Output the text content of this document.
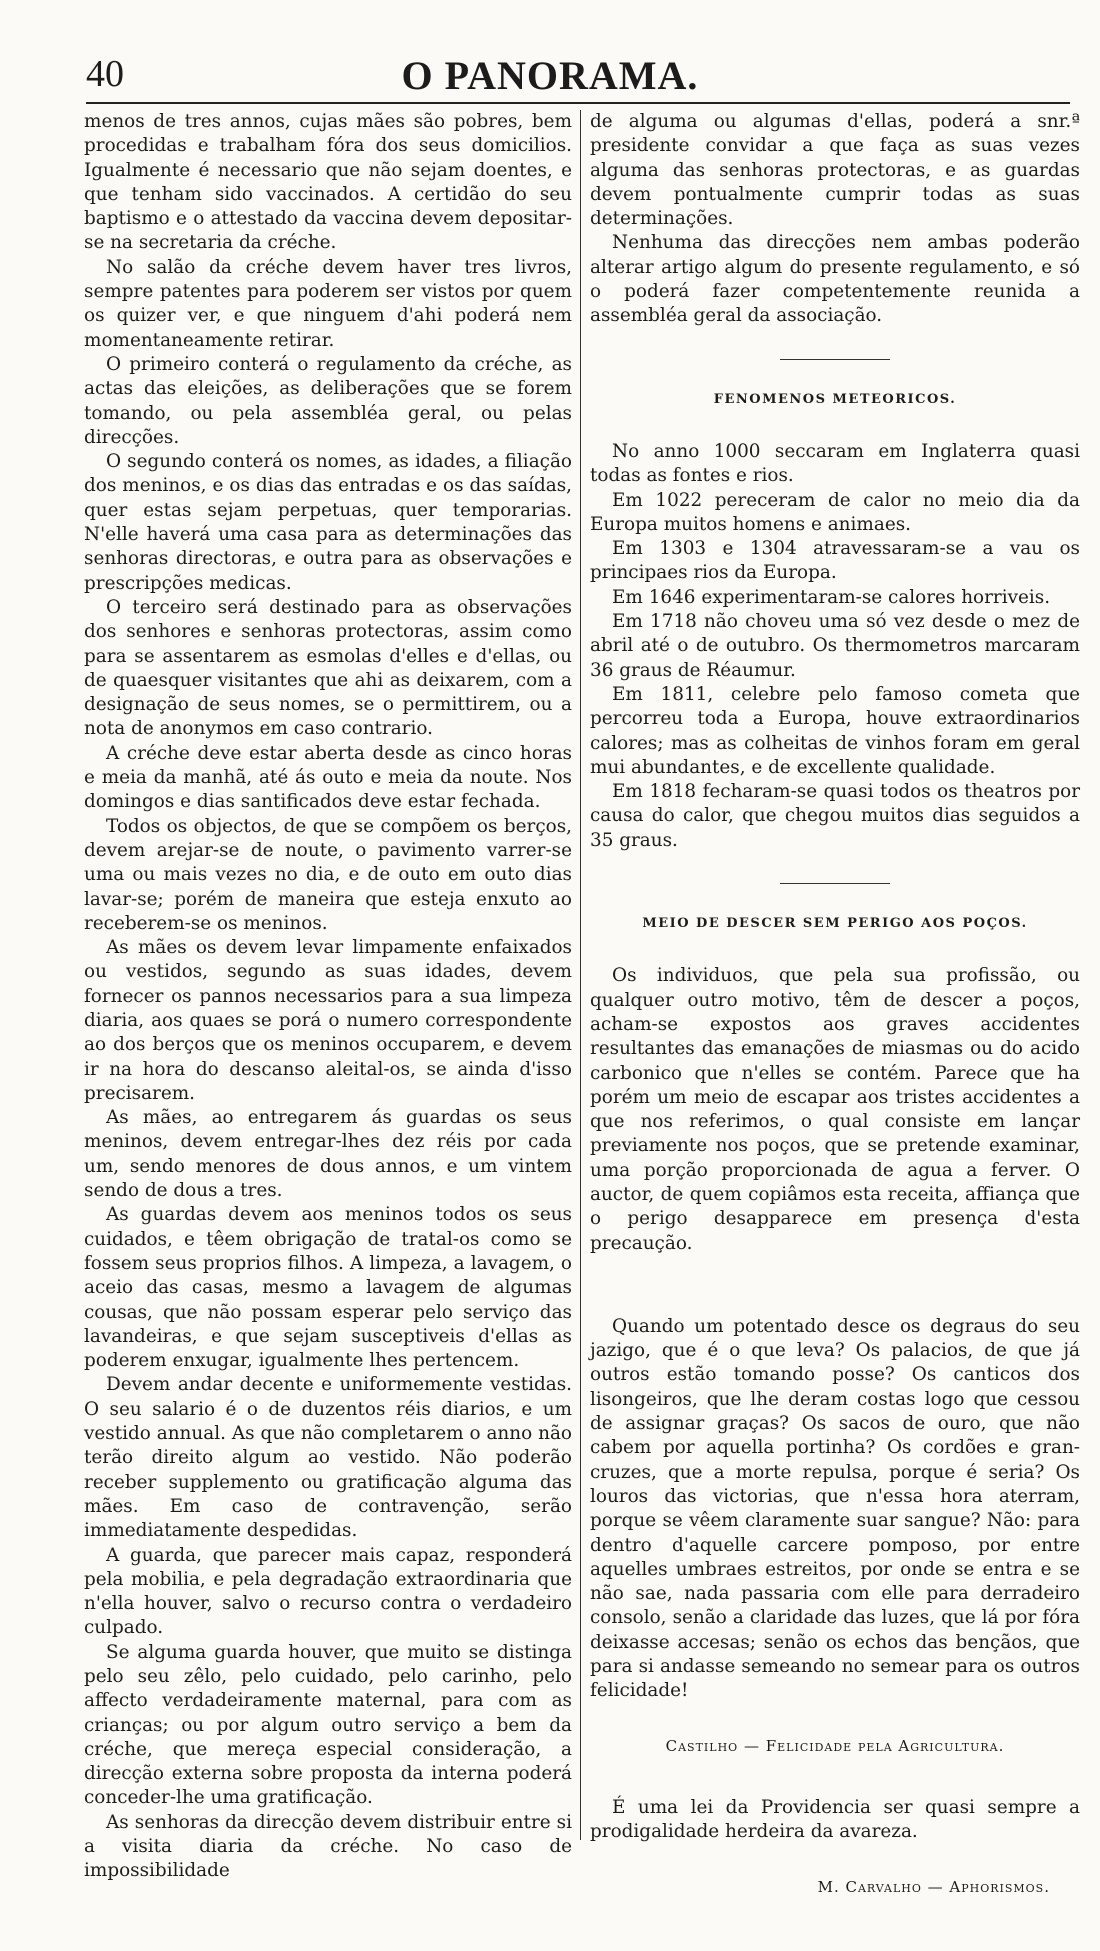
40	O PANORAMA.

menos de tres annos, cujas mães são pobres, bem procedidas e trabalham fóra dos seus domicilios. Igualmente é necessario que não sejam doentes, e que tenham sido vaccinados. A certidão do seu baptismo e o attestado da vaccina devem depositar-se na secretaria da créche.

No salão da créche devem haver tres livros, sempre patentes para poderem ser vistos por quem os quizer ver, e que ninguem d'ahi poderá nem momentaneamente retirar.

O primeiro conterá o regulamento da créche, as actas das eleições, as deliberações que se forem tomando, ou pela assembléa geral, ou pelas direcções.

O segundo conterá os nomes, as idades, a filiação dos meninos, e os dias das entradas e os das saídas, quer estas sejam perpetuas, quer temporarias. N'elle haverá uma casa para as determinações das senhoras directoras, e outra para as observações e prescripções medicas.

O terceiro será destinado para as observações dos senhores e senhoras protectoras, assim como para se assentarem as esmolas d'elles e d'ellas, ou de quaesquer visitantes que ahi as deixarem, com a designação de seus nomes, se o permittirem, ou a nota de anonymos em caso contrario.

A créche deve estar aberta desde as cinco horas e meia da manhã, até ás outo e meia da noute. Nos domingos e dias santificados deve estar fechada.

Todos os objectos, de que se compõem os berços, devem arejar-se de noute, o pavimento varrer-se uma ou mais vezes no dia, e de outo em outo dias lavar-se; porém de maneira que esteja enxuto ao receberem-se os meninos.

As mães os devem levar limpamente enfaixados ou vestidos, segundo as suas idades, devem fornecer os pannos necessarios para a sua limpeza diaria, aos quaes se porá o numero correspondente ao dos berços que os meninos occuparem, e devem ir na hora do descanso aleital-os, se ainda d'isso precisarem.

As mães, ao entregarem ás guardas os seus meninos, devem entregar-lhes dez réis por cada um, sendo menores de dous annos, e um vintem sendo de dous a tres.

As guardas devem aos meninos todos os seus cuidados, e têem obrigação de tratal-os como se fossem seus proprios filhos. A limpeza, a lavagem, o aceio das casas, mesmo a lavagem de algumas cousas, que não possam esperar pelo serviço das lavandeiras, e que sejam susceptiveis d'ellas as poderem enxugar, igualmente lhes pertencem.

Devem andar decente e uniformemente vestidas. O seu salario é o de duzentos réis diarios, e um vestido annual. As que não completarem o anno não terão direito algum ao vestido. Não poderão receber supplemento ou gratificação alguma das mães. Em caso de contravenção, serão immediatamente despedidas.

A guarda, que parecer mais capaz, responderá pela mobilia, e pela degradação extraordinaria que n'ella houver, salvo o recurso contra o verdadeiro culpado.

Se alguma guarda houver, que muito se distinga pelo seu zêlo, pelo cuidado, pelo carinho, pelo affecto verdadeiramente maternal, para com as crianças; ou por algum outro serviço a bem da créche, que mereça especial consideração, a direcção externa sobre proposta da interna poderá conceder-lhe uma gratificação.

As senhoras da direcção devem distribuir entre si a visita diaria da créche. No caso de impossibilidade

de alguma ou algumas d'ellas, poderá a snr.ª presidente convidar a que faça as suas vezes alguma das senhoras protectoras, e as guardas devem pontualmente cumprir todas as suas determinações.

Nenhuma das direcções nem ambas poderão alterar artigo algum do presente regulamento, e só o poderá fazer competentemente reunida a assembléa geral da associação.

FENOMENOS METEORICOS.

No anno 1000 seccaram em Inglaterra quasi todas as fontes e rios.

Em 1022 pereceram de calor no meio dia da Europa muitos homens e animaes.

Em 1303 e 1304 atravessaram-se a vau os principaes rios da Europa.

Em 1646 experimentaram-se calores horriveis.

Em 1718 não choveu uma só vez desde o mez de abril até o de outubro. Os thermometros marcaram 36 graus de Réaumur.

Em 1811, celebre pelo famoso cometa que percorreu toda a Europa, houve extraordinarios calores; mas as colheitas de vinhos foram em geral mui abundantes, e de excellente qualidade.

Em 1818 fecharam-se quasi todos os theatros por causa do calor, que chegou muitos dias seguidos a 35 graus.

MEIO DE DESCER SEM PERIGO AOS POÇOS.

Os individuos, que pela sua profissão, ou qualquer outro motivo, têm de descer a poços, acham-se expostos aos graves accidentes resultantes das emanações de miasmas ou do acido carbonico que n'elles se contém. Parece que ha porém um meio de escapar aos tristes accidentes a que nos referimos, o qual consiste em lançar previamente nos poços, que se pretende examinar, uma porção proporcionada de agua a ferver. O auctor, de quem copiâmos esta receita, affiança que o perigo desapparece em presença d'esta precaução.

Quando um potentado desce os degraus do seu jazigo, que é o que leva? Os palacios, de que já outros estão tomando posse? Os canticos dos lisongeiros, que lhe deram costas logo que cessou de assignar graças? Os sacos de ouro, que não cabem por aquella portinha? Os cordões e gran-cruzes, que a morte repulsa, porque é seria? Os louros das victorias, que n'essa hora aterram, porque se vêem claramente suar sangue? Não: para dentro d'aquelle carcere pomposo, por entre aquelles umbraes estreitos, por onde se entra e se não sae, nada passaria com elle para derradeiro consolo, senão a claridade das luzes, que lá por fóra deixasse accesas; senão os echos das bençãos, que para si andasse semeando no semear para os outros felicidade!

Castilho — Felicidade pela Agricultura.

É uma lei da Providencia ser quasi sempre a prodigalidade herdeira da avareza.

M. Carvalho — Aphorismos.
